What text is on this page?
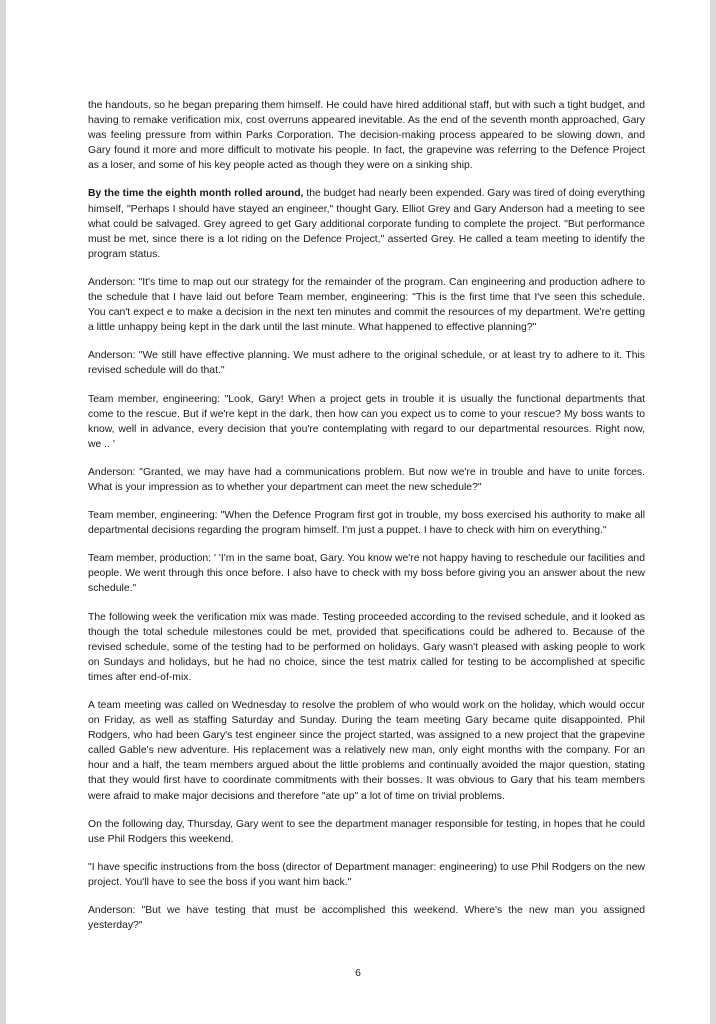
the handouts, so he began preparing them himself. He could have hired additional staff, but with such a tight budget, and having to remake verification mix, cost overruns appeared inevitable. As the end of the seventh month approached, Gary was feeling pressure from within Parks Corporation. The decision-making process appeared to be slowing down, and Gary found it more and more difficult to motivate his people. In fact, the grapevine was referring to the Defence Project as a loser, and some of his key people acted as though they were on a sinking ship.

By the time the eighth month rolled around, the budget had nearly been expended. Gary was tired of doing everything himself, "Perhaps I should have stayed an engineer," thought Gary. Elliot Grey and Gary Anderson had a meeting to see what could be salvaged. Grey agreed to get Gary additional corporate funding to complete the project. "But performance must be met, since there is a lot riding on the Defence Project," asserted Grey. He called a team meeting to identify the program status.

Anderson: "It's time to map out our strategy for the remainder of the program. Can engineering and production adhere to the schedule that I have laid out before Team member, engineering: "This is the first time that I've seen this schedule. You can't expect e to make a decision in the next ten minutes and commit the resources of my department. We're getting a little unhappy being kept in the dark until the last minute. What happened to effective planning?"

Anderson: "We still have effective planning. We must adhere to the original schedule, or at least try to adhere to it. This revised schedule will do that."

Team member, engineering: "Look, Gary! When a project gets in trouble it is usually the functional departments that come to the rescue. But if we're kept in the dark, then how can you expect us to come to your rescue? My boss wants to know, well in advance, every decision that you're contemplating with regard to our departmental resources. Right now, we .. '

Anderson: "Granted, we may have had a communications problem. But now we're in trouble and have to unite forces. What is your impression as to whether your department can meet the new schedule?"

Team member, engineering: "When the Defence Program first got in trouble, my boss exercised his authority to make all departmental decisions regarding the program himself. I'm just a puppet. I have to check with him on everything."

Team member, production: ' 'I'm in the same boat, Gary. You know we're not happy having to reschedule our facilities and people. We went through this once before. I also have to check with my boss before giving you an answer about the new schedule."

The following week the verification mix was made. Testing proceeded according to the revised schedule, and it looked as though the total schedule milestones could be met, provided that specifications could be adhered to. Because of the revised schedule, some of the testing had to be performed on holidays. Gary wasn't pleased with asking people to work on Sundays and holidays, but he had no choice, since the test matrix called for testing to be accomplished at specific times after end-of-mix.

A team meeting was called on Wednesday to resolve the problem of who would work on the holiday, which would occur on Friday, as well as staffing Saturday and Sunday. During the team meeting Gary became quite disappointed. Phil Rodgers, who had been Gary's test engineer since the project started, was assigned to a new project that the grapevine called Gable's new adventure. His replacement was a relatively new man, only eight months with the company. For an hour and a half, the team members argued about the little problems and continually avoided the major question, stating that they would first have to coordinate commitments with their bosses. It was obvious to Gary that his team members were afraid to make major decisions and therefore "ate up" a lot of time on trivial problems.

On the following day, Thursday, Gary went to see the department manager responsible for testing, in hopes that he could use Phil Rodgers this weekend.

"I have specific instructions from the boss (director of Department manager: engineering) to use Phil Rodgers on the new project. You'll have to see the boss if you want him back."

Anderson: "But we have testing that must be accomplished this weekend. Where's the new man you assigned yesterday?"

6
